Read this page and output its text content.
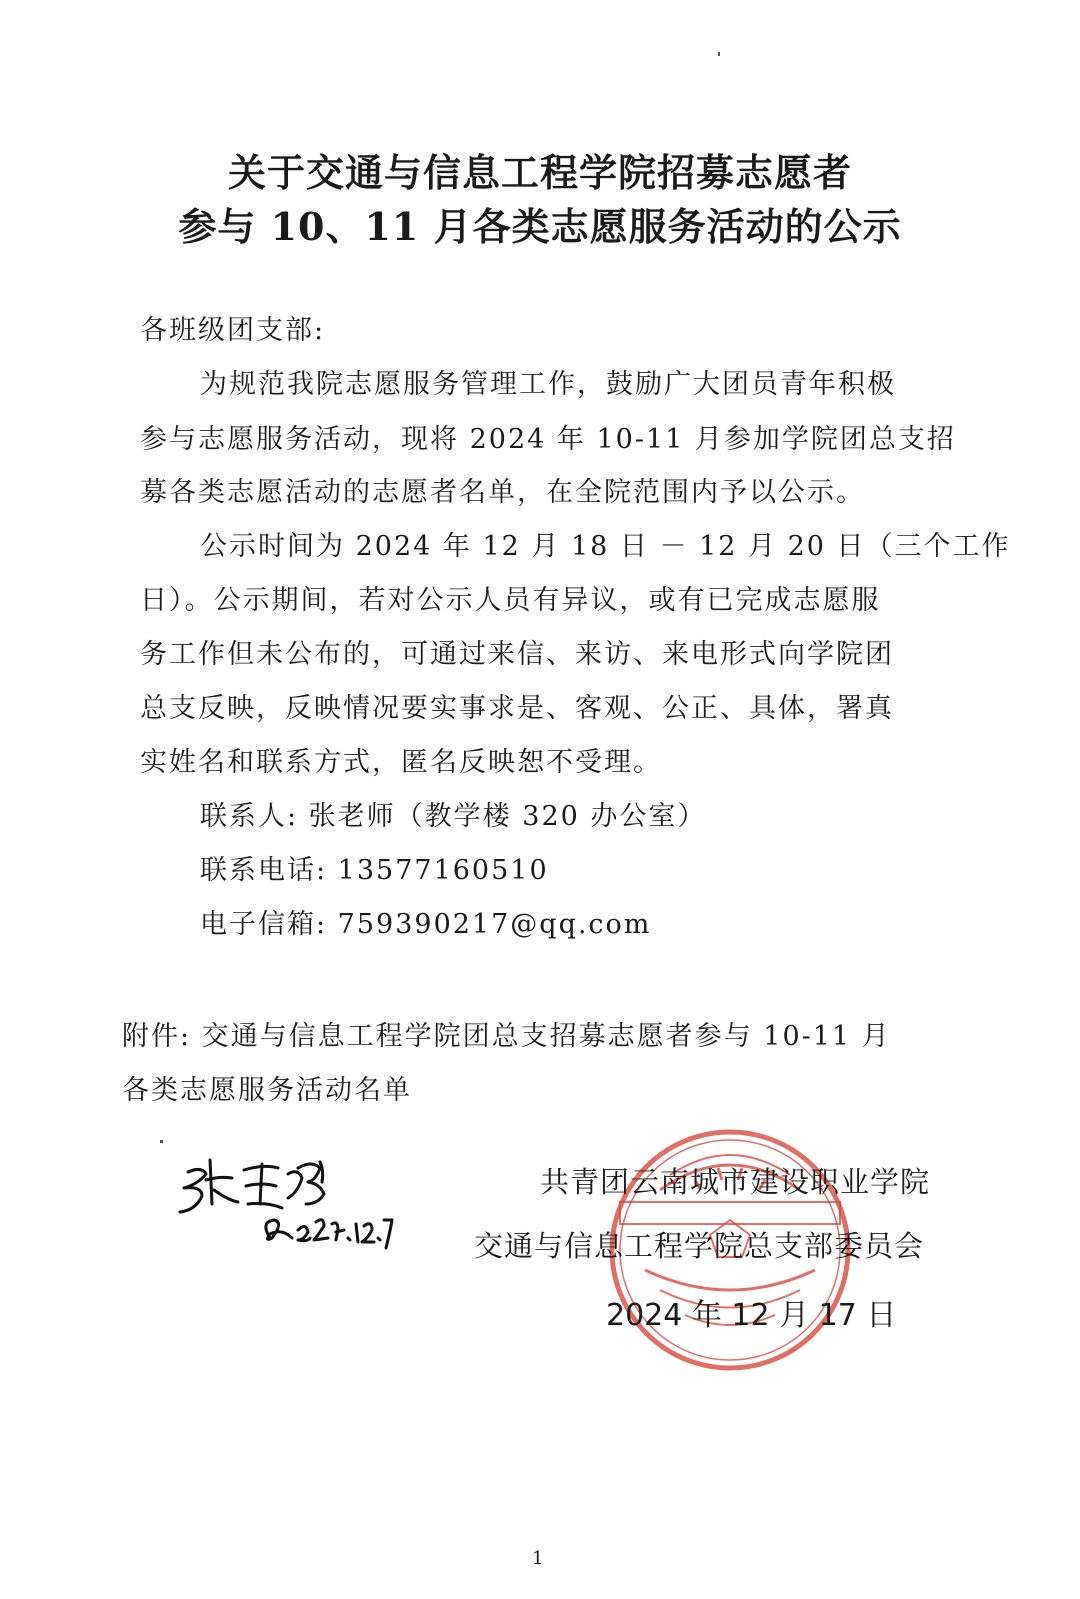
关于交通与信息工程学院招募志愿者
参与 10、11 月各类志愿服务活动的公示
各班级团支部:
为规范我院志愿服务管理工作，鼓励广大团员青年积极
参与志愿服务活动，现将 2024 年 10-11 月参加学院团总支招
募各类志愿活动的志愿者名单，在全院范围内予以公示。
公示时间为 2024 年 12 月 18 日 － 12 月 20 日（三个工作
日）。公示期间，若对公示人员有异议，或有已完成志愿服
务工作但未公布的，可通过来信、来访、来电形式向学院团
总支反映，反映情况要实事求是、客观、公正、具体，署真
实姓名和联系方式，匿名反映恕不受理。
联系人: 张老师（教学楼 320 办公室）
联系电话: 13577160510
电子信箱: 759390217@qq.com
附件: 交通与信息工程学院团总支招募志愿者参与 10-11 月
各类志愿服务活动名单
共青团云南城市建设职业学院
交通与信息工程学院总支部委员会
2024 年 12 月 17 日
1
